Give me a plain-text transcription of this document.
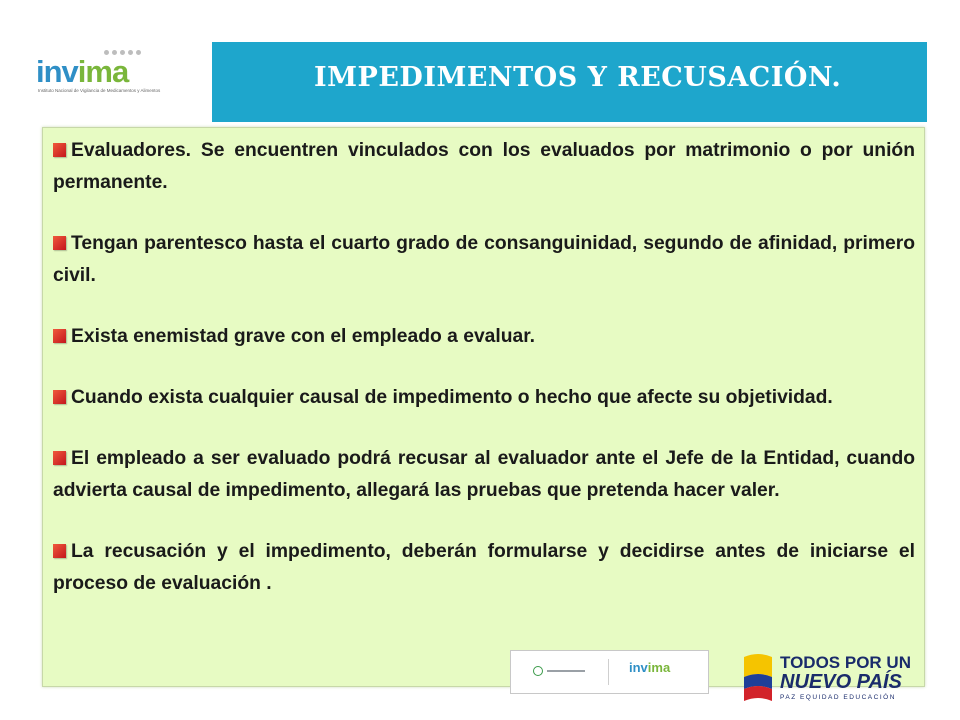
invima
Instituto Nacional de Vigilancia de Medicamentos y Alimentos	IMPEDIMENTOS Y RECUSACIÓN.
Evaluadores. Se encuentren vinculados con los evaluados por matrimonio o por unión permanente.
Tengan parentesco hasta el cuarto grado de consanguinidad, segundo de afinidad, primero civil.
Exista enemistad grave con el empleado a evaluar.
Cuando exista cualquier causal de impedimento o hecho que afecte su objetividad.
El empleado a ser evaluado podrá recusar al evaluador ante el Jefe de la Entidad, cuando advierta causal de impedimento, allegará las pruebas que pretenda hacer valer.
La recusación y el impedimento, deberán formularse y decidirse antes de iniciarse el proceso de evaluación .
invima	TODOS POR UN
NUEVO PAÍS
PAZ EQUIDAD EDUCACIÓN
